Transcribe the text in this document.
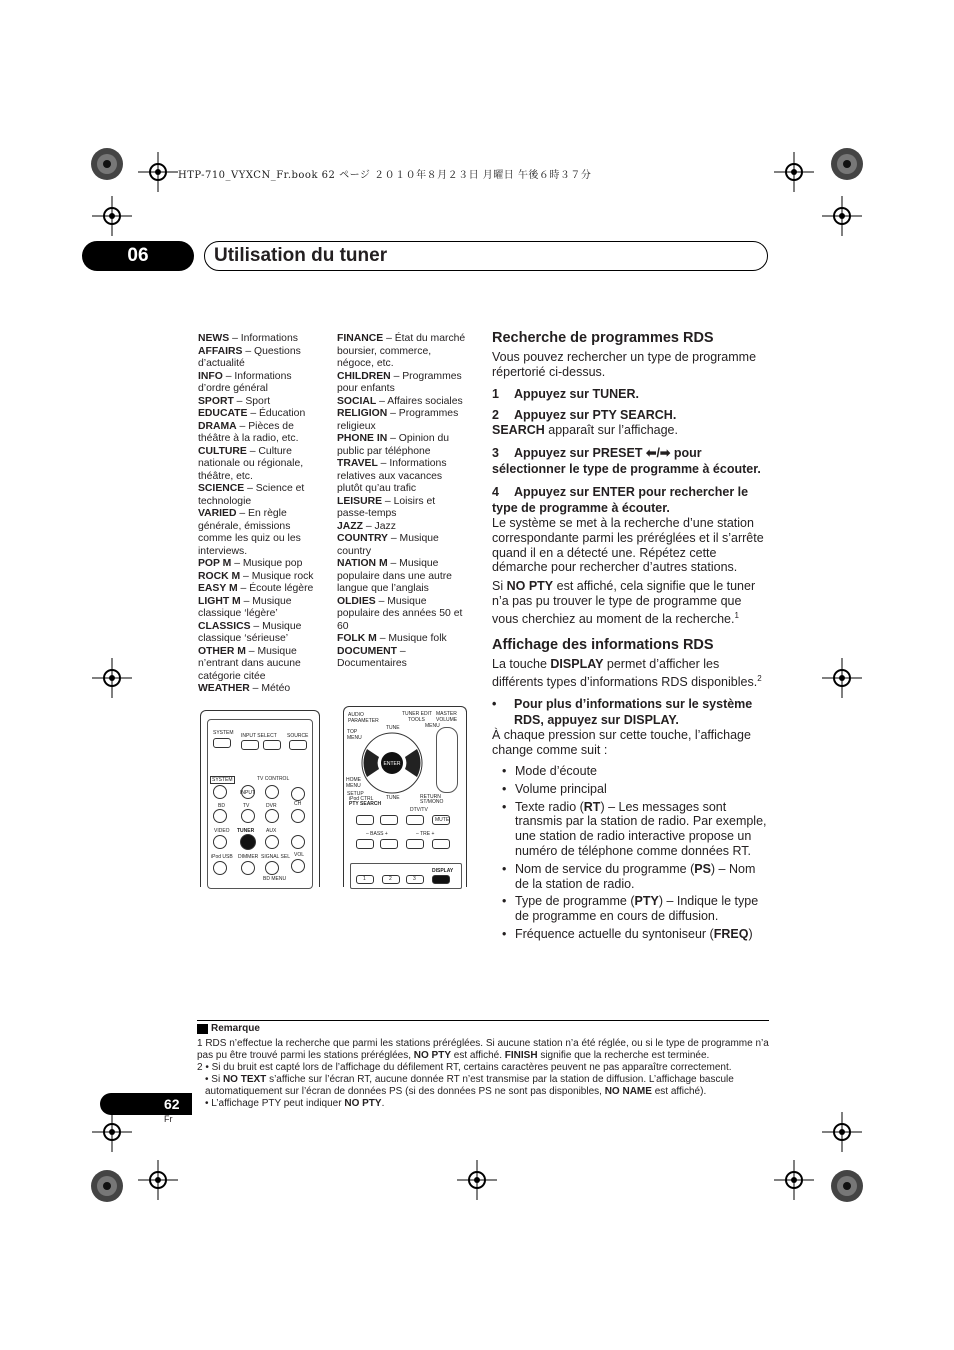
HTP-710_VYXCN_Fr.book 62 ページ ２０１０年８月２３日 月曜日 午後６時３７分
06	Utilisation du tuner

NEWS – Informations

AFFAIRS – Questions d’actualité

INFO – Informations d’ordre général

SPORT – Sport

EDUCATE – Éducation

DRAMA – Pièces de théâtre à la radio, etc.

CULTURE – Culture nationale ou régionale, théâtre, etc.

SCIENCE – Science et technologie

VARIED – En règle générale, émissions comme les quiz ou les interviews.

POP M – Musique pop

ROCK M – Musique rock

EASY M – Écoute légère

LIGHT M – Musique classique ‘légère’

CLASSICS – Musique classique ‘sérieuse’

OTHER M – Musique n’entrant dans aucune catégorie citée

WEATHER – Météo

FINANCE – État du marché boursier, commerce, négoce, etc.

CHILDREN – Programmes pour enfants

SOCIAL – Affaires sociales

RELIGION – Programmes religieux

PHONE IN – Opinion du public par téléphone

TRAVEL – Informations relatives aux vacances plutôt qu’au trafic

LEISURE – Loisirs et passe-temps

JAZZ – Jazz

COUNTRY – Musique country

NATION M – Musique populaire dans une autre langue que l’anglais

OLDIES – Musique populaire des années 50 et 60

FOLK M – Musique folk

DOCUMENT – Documentaires

SYSTEM INPUT SELECT SOURCE
SYSTEM	TV CONTROL
INPUT
BD	TV	DVR	CH
VIDEO TUNER AUX
VOL
iPod USB DIMMER SIGNAL SEL
BD MENU
AUDIO PARAMETER
TUNER EDIT
TOOLS
MASTER VOLUME
TUNE
TOP MENU
MENU
ENTER
TUNE
HOME MENU
SETUP
iPod CTRL
PTY SEARCH
RETURN
ST/MONO
DTV/TV
MUTE
– BASS +	– TRE +
1	2	3
DISPLAY
Recherche de programmes RDS

Vous pouvez rechercher un type de programme répertorié ci-dessus.

1 Appuyez sur TUNER.

2 Appuyez sur PTY SEARCH.

SEARCH apparaît sur l’affichage.

3 Appuyez sur PRESET ⬅/➡ pour sélectionner le type de programme à écouter.

4 Appuyez sur ENTER pour rechercher le type de programme à écouter.

Le système se met à la recherche d’une station correspondante parmi les préréglées et il s’arrête quand il en a détecté une. Répétez cette démarche pour rechercher d’autres stations.

Si NO PTY est affiché, cela signifie que le tuner n’a pas pu trouver le type de programme que vous cherchiez au moment de la recherche.$^1$

Affichage des informations RDS

La touche DISPLAY permet d’afficher les différents types d’informations RDS disponibles.$^2$

• Pour plus d’informations sur le système RDS, appuyez sur DISPLAY.

À chaque pression sur cette touche, l’affichage change comme suit :

• Mode d’écoute
• Volume principal
• Texte radio (RT) – Les messages sont transmis par la station de radio. Par exemple, une station de radio interactive propose un numéro de téléphone comme données RT.
• Nom de service du programme (PS) – Nom de la station de radio.
• Type de programme (PTY) – Indique le type de programme en cours de diffusion.
• Fréquence actuelle du syntoniseur (FREQ)
Remarque

1 RDS n’effectue la recherche que parmi les stations préréglées. Si aucune station n’a été réglée, ou si le type de programme n’a pas pu être trouvé parmi les stations préréglées, NO PTY est affiché. FINISH signifie que la recherche est terminée.

2 • Si du bruit est capté lors de l’affichage du défilement RT, certains caractères peuvent ne pas apparaître correctement.

• Si NO TEXT s’affiche sur l’écran RT, aucune donnée RT n’est transmise par la station de diffusion. L’affichage bascule automatiquement sur l’écran de données PS (si des données PS ne sont pas disponibles, NO NAME est affiché).

• L’affichage PTY peut indiquer NO PTY.

62
Fr
